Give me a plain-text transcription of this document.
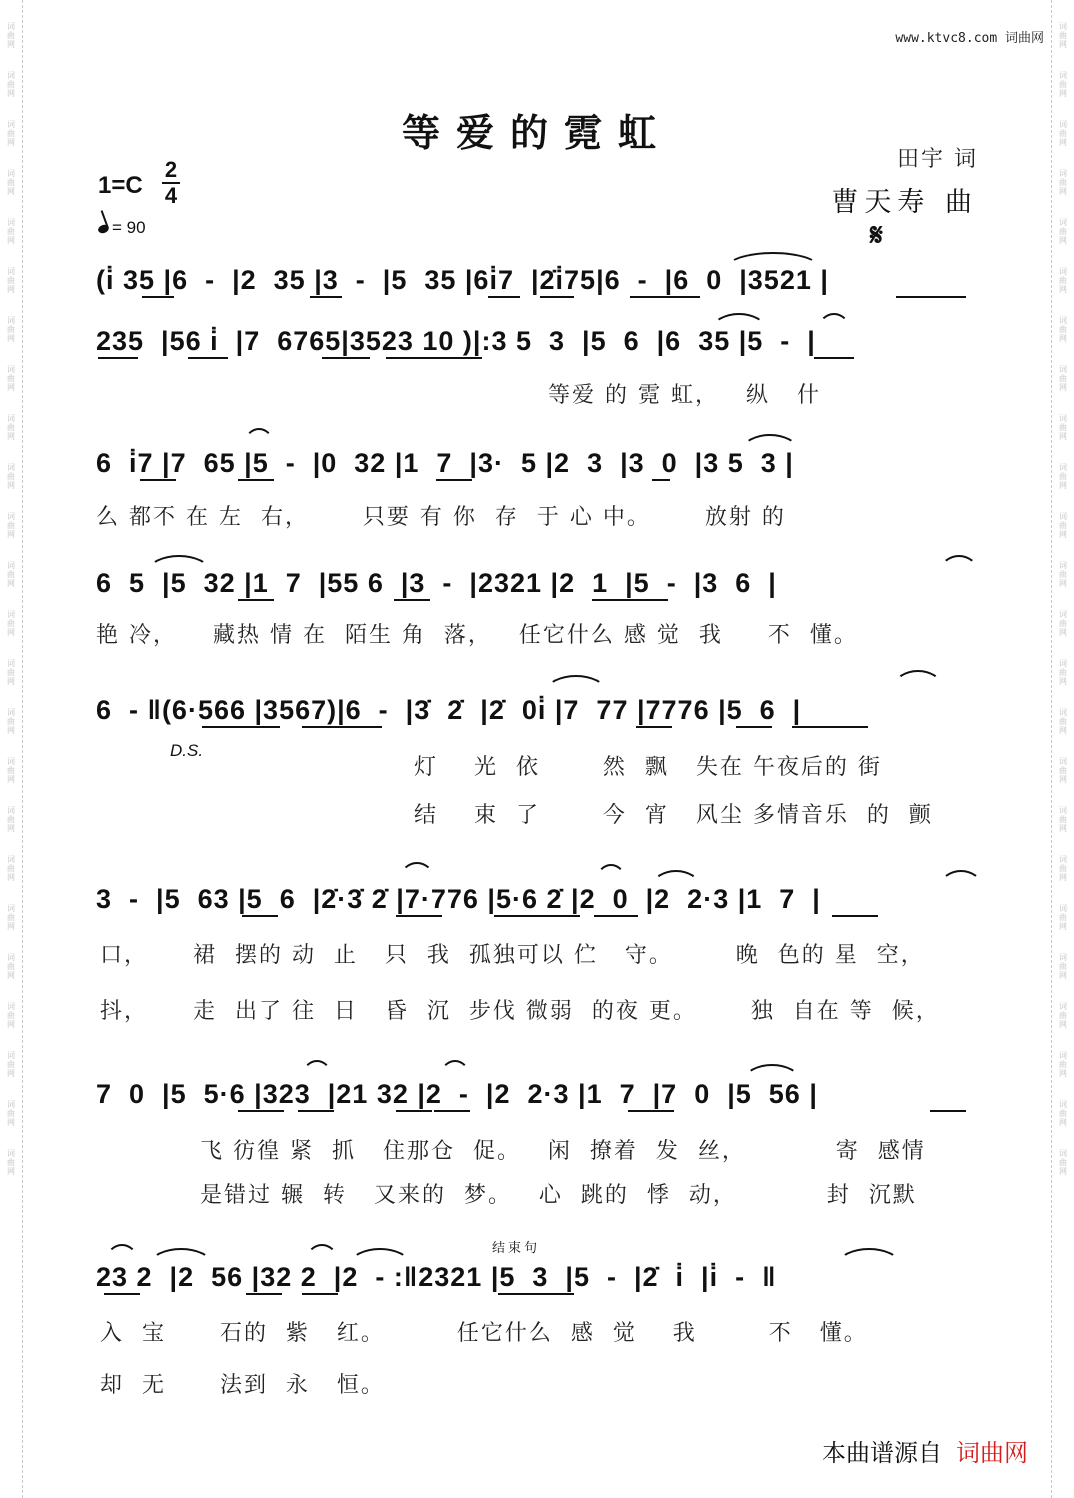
词曲网
词曲网
词曲网
词曲网
词曲网
词曲网
词曲网
词曲网
词曲网
词曲网
词曲网
词曲网
词曲网
词曲网
词曲网
词曲网
词曲网
词曲网
词曲网
词曲网
词曲网
词曲网
词曲网
词曲网
词曲网
词曲网
词曲网
词曲网
词曲网
词曲网
词曲网
词曲网
词曲网
词曲网
词曲网
词曲网
词曲网
词曲网
词曲网
词曲网
词曲网
词曲网
词曲网
词曲网
词曲网
词曲网
词曲网
词曲网
www.ktvc8.com 词曲网
等爱的霓虹
田宇 词
曹天寿 曲
𝄋
1=C
2
4
= 90
(i̇ 35 |6  -  |2  35 |3  -  |5  35 |6i̇7  |2̇i̇75|6  -  |6  0  |3521 |
235  |56 i̇  |7  6765|3523 10 )|:3 5  3  |5  6  |6  35 |5  -  |
等爱 的 霓 虹，   纵   什
6  i̇7 |7  65 |5  -  |0  32 |1  7  |3·  5 |2  3  |3  0  |3 5  3 |
么 都不 在 左  右，      只要 有 你  存  于 心 中。      放射 的
6  5  |5  32 |1  7  |55 6  |3  -  |2321 |2  1  |5  -  |3  6  |
艳 冷，    藏热 情 在  陌生 角  落，   任它什么 感 觉  我     不  懂。
6  - ‖(6·566 |3567)|6  -  |3̇  2̇  |2̇  0i̇ |7  77 |7776 |5  6  |
D.S.
灯    光  依       然  飘   失在 午夜后的 街
结    束  了       今  宵   风尘 多情音乐  的  颤
3  -  |5  63 |5  6  |2̇·3̇ 2̇ |7·776 |5·6 2̇ |2  0  |2  2·3 |1  7  |
口，     裙  摆的 动  止   只  我  孤独可以 伫   守。       晚  色的 星  空，
抖，     走  出了 往  日   昏  沉  步伐 微弱  的夜 更。      独  自在 等  候，
7  0  |5  5·6 |323  |21 32 |2  -  |2  2·3 |1  7  |7  0  |5  56 |
飞 彷徨 紧  抓   住那仓  促。   闲  撩着  发  丝，          寄  感情
是错过 辗  转   又来的  梦。   心  跳的  悸  动，          封  沉默
结束句
23 2  |2  56 |32 2  |2  - :‖2321 |5  3  |5  -  |2̇  i̇  |i̇  -  ‖
入  宝      石的  紫   红。        任它什么  感  觉    我        不   懂。
却  无      法到  永   恒。
本曲谱源自 词曲网
